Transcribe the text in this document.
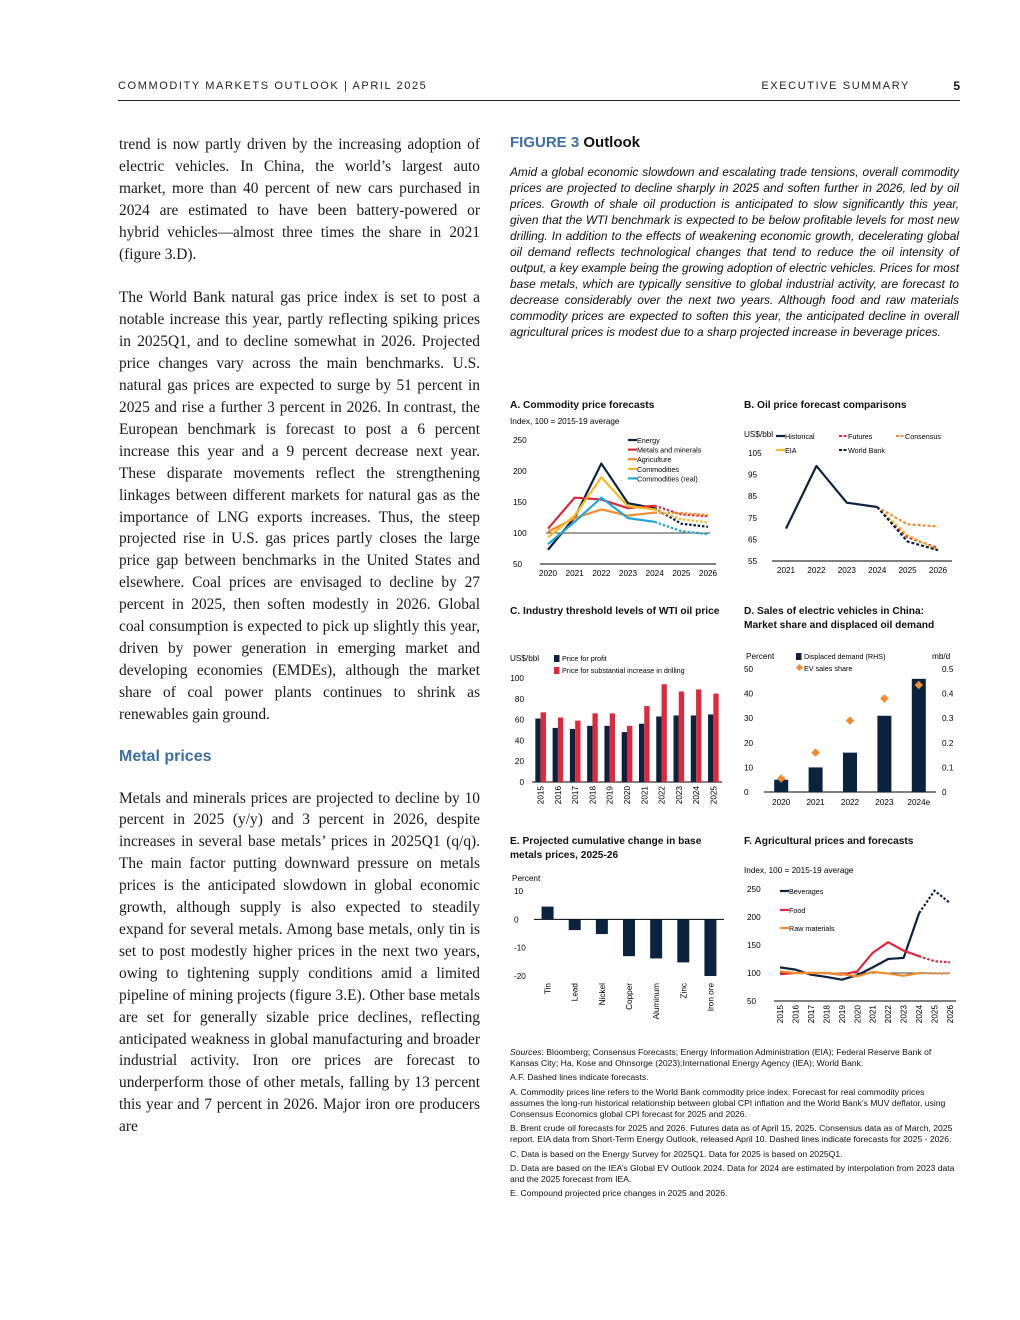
COMMODITY MARKETS OUTLOOK | APRIL 2025	EXECUTIVE SUMMARY	5

trend is now partly driven by the increasing adoption of electric vehicles. In China, the world’s largest auto market, more than 40 percent of new cars purchased in 2024 are estimated to have been battery-powered or hybrid vehicles—almost three times the share in 2021 (figure 3.D).

The World Bank natural gas price index is set to post a notable increase this year, partly reflecting spiking prices in 2025Q1, and to decline somewhat in 2026. Projected price changes vary across the main benchmarks. U.S. natural gas prices are expected to surge by 51 percent in 2025 and rise a further 3 percent in 2026. In contrast, the European benchmark is forecast to post a 6 percent increase this year and a 9 percent decrease next year. These disparate movements reflect the strengthening linkages between different markets for natural gas as the importance of LNG exports increases. Thus, the steep projected rise in U.S. gas prices partly closes the large price gap between benchmarks in the United States and elsewhere. Coal prices are envisaged to decline by 27 percent in 2025, then soften modestly in 2026. Global coal consumption is expected to pick up slightly this year, driven by power generation in emerging market and developing economies (EMDEs), although the market share of coal power plants continues to shrink as renewables gain ground.

Metal prices

Metals and minerals prices are projected to decline by 10 percent in 2025 (y/y) and 3 percent in 2026, despite increases in several base metals’ prices in 2025Q1 (q/q). The main factor putting downward pressure on metals prices is the anticipated slowdown in global economic growth, although supply is also expected to steadily expand for several metals. Among base metals, only tin is set to post modestly higher prices in the next two years, owing to tightening supply conditions amid a limited pipeline of mining projects (figure 3.E). Other base metals are set for generally sizable price declines, reflecting anticipated weakness in global manufacturing and broader industrial activity. Iron ore prices are forecast to underperform those of other metals, falling by 13 percent this year and 7 percent in 2026. Major iron ore producers are

FIGURE 3 Outlook

Amid a global economic slowdown and escalating trade tensions, overall commodity prices are projected to decline sharply in 2025 and soften further in 2026, led by oil prices. Growth of shale oil production is anticipated to slow significantly this year, given that the WTI benchmark is expected to be below profitable levels for most new drilling. In addition to the effects of weakening economic growth, decelerating global oil demand reflects technological changes that tend to reduce the oil intensity of output, a key example being the growing adoption of electric vehicles. Prices for most base metals, which are typically sensitive to global industrial activity, are forecast to decrease considerably over the next two years. Although food and raw materials commodity prices are expected to soften this year, the anticipated decline in overall agricultural prices is modest due to a sharp projected increase in beverage prices.

A. Commodity price forecasts
Index, 100 = 2015-19 average
50
100
150
200
250
2020 2021 2022 2023 2024 2025 2026
Energy
Metals and minerals
Agriculture
Commodities
Commodities (real)
B. Oil price forecast comparisons
US$/bbl
55
65
75
85
95
105
2021 2022 2023 2024 2025 2026
Historical	Futures	Consensus
EIA	World Bank
C. Industry threshold levels of WTI oil price
US$/bbl	Price for profit
Price for substantial increase in drilling
0
20
40
60
80
100
2015 2016 2017 2018 2019 2020 2021 2022 2023 2024 2025
D. Sales of electric vehicles in China: Market share and displaced oil demand
Percent	mb/d
Displaced demand (RHS)
EV sales share
0
10
20
30
40
50
0
0.1
0.2
0.3
0.4
0.5
2020 2021 2022 2023 2024e
E. Projected cumulative change in base metals prices, 2025-26
Percent
-20
-10
0
10
Tin Lead Nickel Copper Aluminum Zinc Iron ore
F. Agricultural prices and forecasts
Index, 100 = 2015-19 average
50
100
150
200
250
2015 2016 2017 2018 2019 2020 2021 2022 2023 2024 2025 2026
Beverages
Food
Raw materials

Sources: Bloomberg; Consensus Forecasts; Energy Information Administration (EIA); Federal Reserve Bank of Kansas City; Ha, Kose and Ohnsorge (2023);International Energy Agency (IEA); World Bank.

A.F. Dashed lines indicate forecasts.

A. Commodity prices line refers to the World Bank commodity price index. Forecast for real commodity prices assumes the long-run historical relationship between global CPI inflation and the World Bank’s MUV deflator, using Consensus Economics global CPI forecast for 2025 and 2026.

B. Brent crude oil forecasts for 2025 and 2026. Futures data as of April 15, 2025. Consensus data as of March, 2025 report. EIA data from Short-Term Energy Outlook, released April 10. Dashed lines indicate forecasts for 2025 - 2026.

C. Data is based on the Energy Survey for 2025Q1. Data for 2025 is based on 2025Q1.

D. Data are based on the IEA’s Global EV Outlook 2024. Data for 2024 are estimated by interpolation from 2023 data and the 2025 forecast from IEA.

E. Compound projected price changes in 2025 and 2026.
